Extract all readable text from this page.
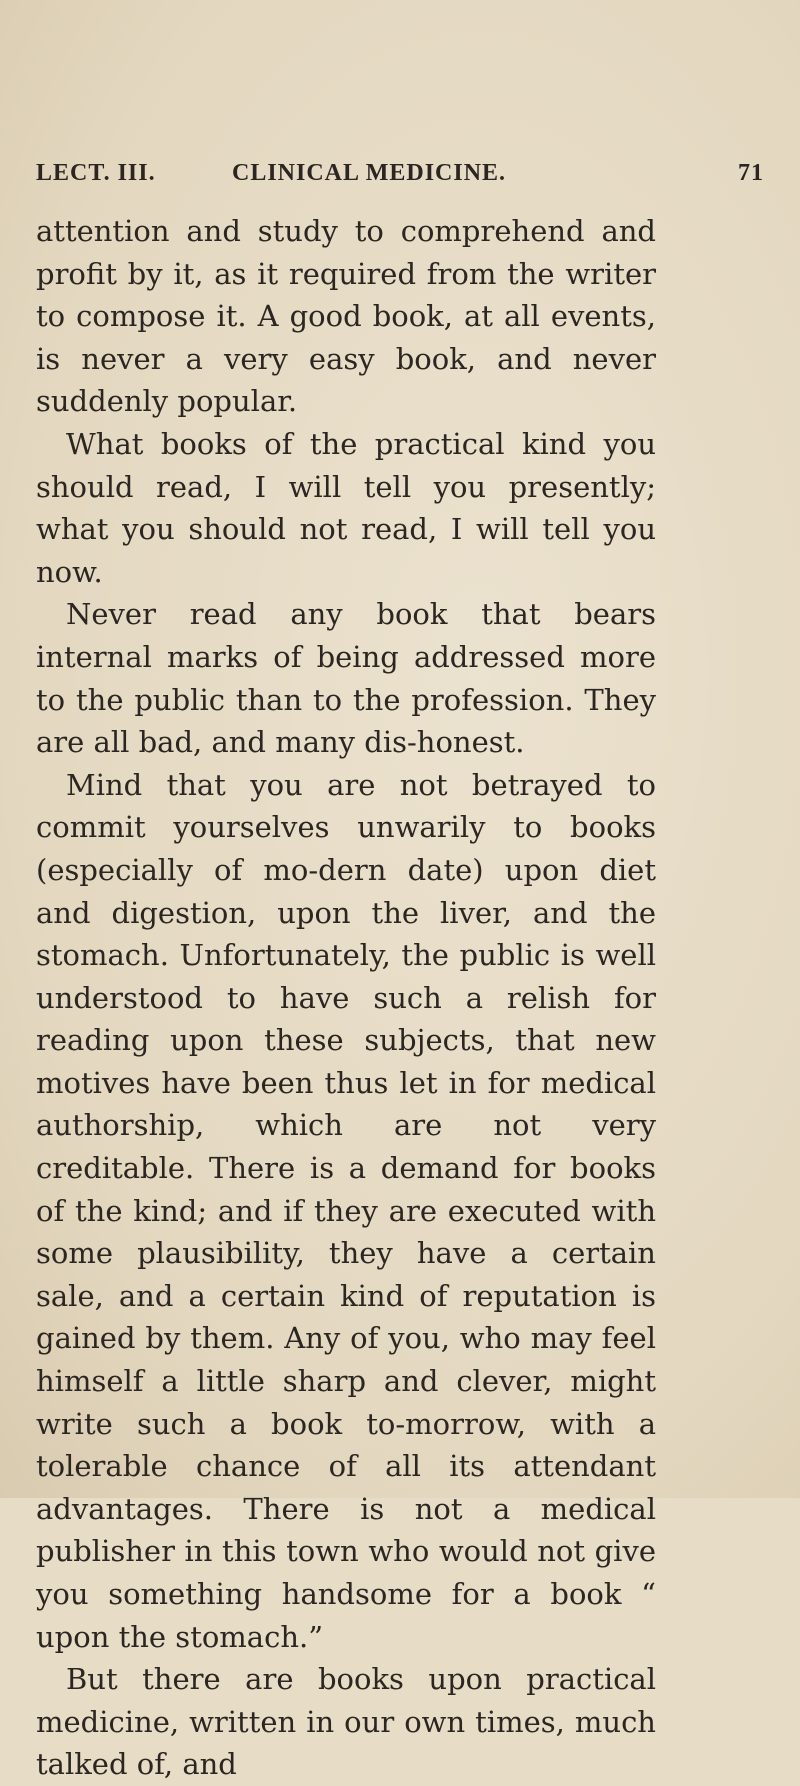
LECT. III.	CLINICAL MEDICINE.	71

attention and study to comprehend and profit by it, as it required from the writer to compose it. A good book, at all events, is never a very easy book, and never suddenly popular.

What books of the practical kind you should read, I will tell you presently; what you should not read, I will tell you now.

Never read any book that bears internal marks of being addressed more to the public than to the profession. They are all bad, and many dis-honest.

Mind that you are not betrayed to commit yourselves unwarily to books (especially of mo-dern date) upon diet and digestion, upon the liver, and the stomach. Unfortunately, the public is well understood to have such a relish for reading upon these subjects, that new motives have been thus let in for medical authorship, which are not very creditable. There is a demand for books of the kind; and if they are executed with some plausibility, they have a certain sale, and a certain kind of reputation is gained by them. Any of you, who may feel himself a little sharp and clever, might write such a book to-morrow, with a tolerable chance of all its attendant advantages. There is not a medical publisher in this town who would not give you something handsome for a book “ upon the stomach.”

But there are books upon practical medicine, written in our own times, much talked of, and
